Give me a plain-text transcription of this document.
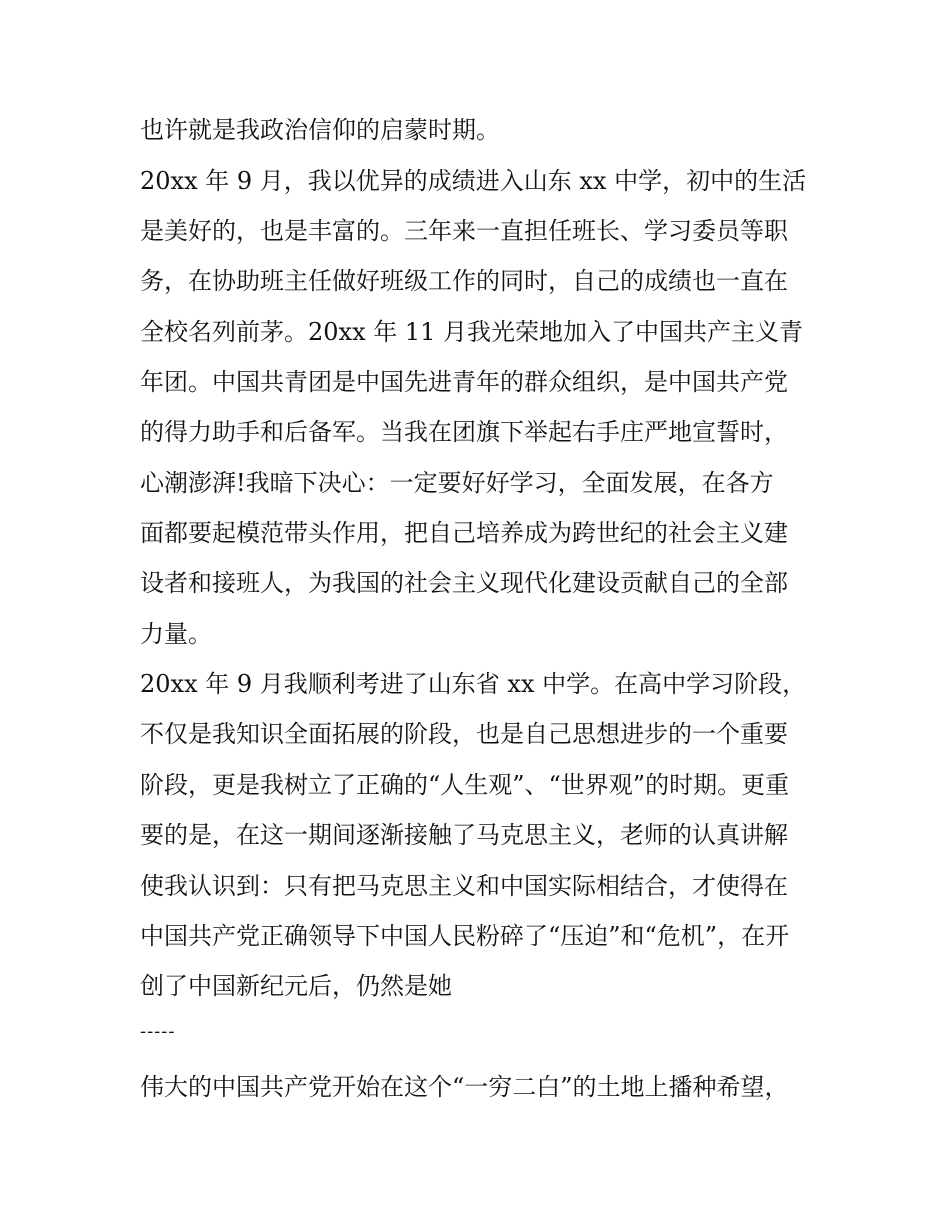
也许就是我政治信仰的启蒙时期。

20xx 年 9 月，我以优异的成绩进入山东 xx 中学，初中的生活

是美好的，也是丰富的。三年来一直担任班长、学习委员等职

务，在协助班主任做好班级工作的同时，自己的成绩也一直在

全校名列前茅。20xx 年 11 月我光荣地加入了中国共产主义青

年团。中国共青团是中国先进青年的群众组织，是中国共产党

的得力助手和后备军。当我在团旗下举起右手庄严地宣誓时，

心潮澎湃!我暗下决心：一定要好好学习，全面发展，在各方

面都要起模范带头作用，把自己培养成为跨世纪的社会主义建

设者和接班人，为我国的社会主义现代化建设贡献自己的全部

力量。

20xx 年 9 月我顺利考进了山东省 xx 中学。在高中学习阶段，

不仅是我知识全面拓展的阶段，也是自己思想进步的一个重要

阶段，更是我树立了正确的“人生观”、“世界观”的时期。更重

要的是，在这一期间逐渐接触了马克思主义，老师的认真讲解

使我认识到：只有把马克思主义和中国实际相结合，才使得在

中国共产党正确领导下中国人民粉碎了“压迫”和“危机”，在开

创了中国新纪元后，仍然是她

-----

伟大的中国共产党开始在这个“一穷二白”的土地上播种希望，
